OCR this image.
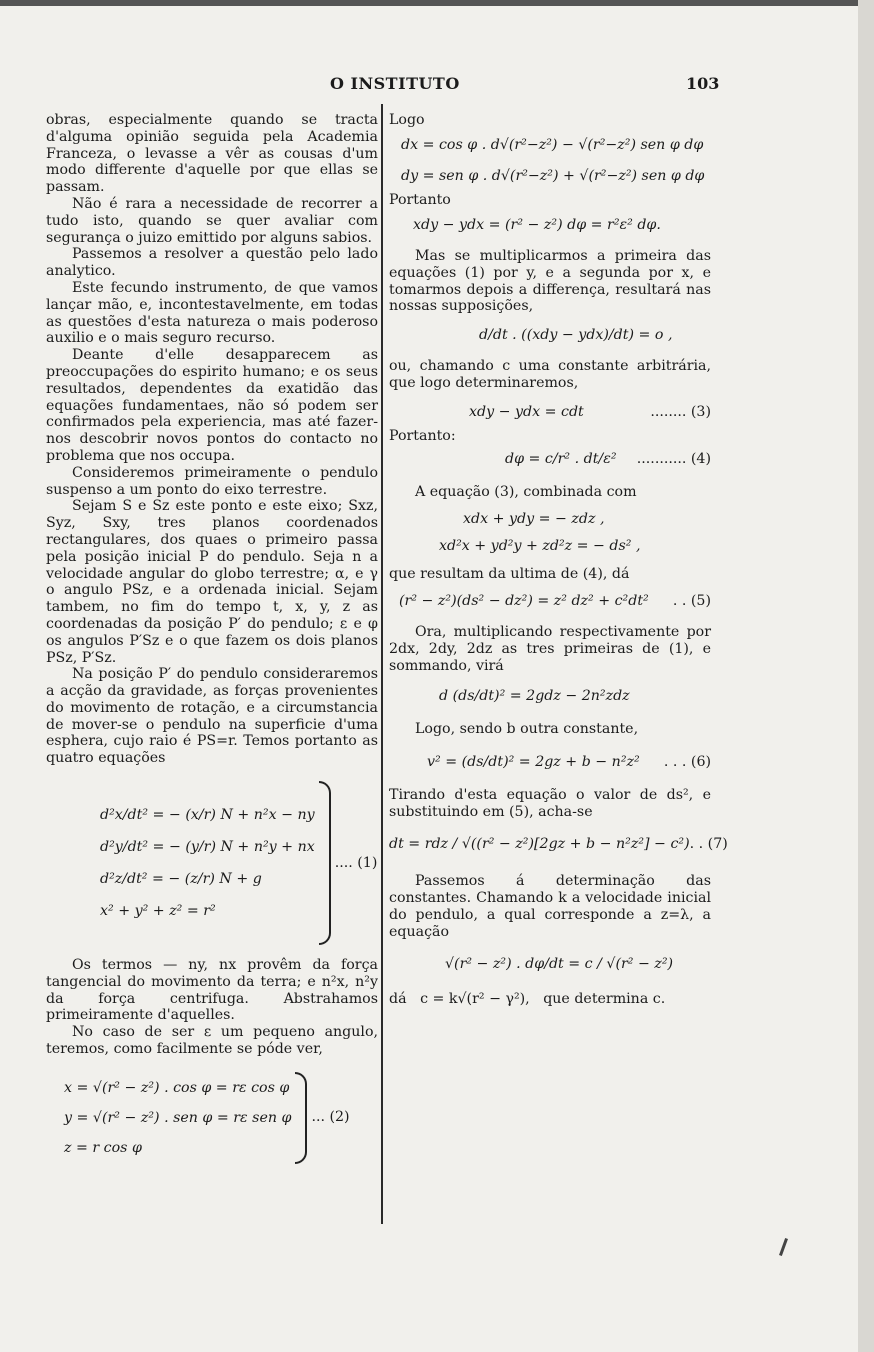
O INSTITUTO	103

obras, especialmente quando se tracta d'alguma opinião seguida pela Academia Franceza, o levasse a vêr as cousas d'um modo differente d'aquelle por que ellas se passam.

Não é rara a necessidade de recorrer a tudo isto, quando se quer avaliar com segurança o juizo emittido por alguns sabios.

Passemos a resolver a questão pelo lado analytico.

Este fecundo instrumento, de que vamos lançar mão, e, incontestavelmente, em todas as questões d'esta natureza o mais poderoso auxilio e o mais seguro recurso.

Deante d'elle desapparecem as preoccupações do espirito humano; e os seus resultados, dependentes da exatidão das equações fundamentaes, não só podem ser confirmados pela experiencia, mas até fazer-nos descobrir novos pontos do contacto no problema que nos occupa.

Consideremos primeiramente o pendulo suspenso a um ponto do eixo terrestre.

Sejam S e Sz este ponto e este eixo; Sxz, Syz, Sxy, tres planos coordenados rectangulares, dos quaes o primeiro passa pela posição inicial P do pendulo. Seja n a velocidade angular do globo terrestre; α, e γ o angulo PSz, e a ordenada inicial. Sejam tambem, no fim do tempo t, x, y, z as coordenadas da posição P′ do pendulo; ε e φ os angulos P′Sz e o que fazem os dois planos PSz, P′Sz.

Na posição P′ do pendulo consideraremos a acção da gravidade, as forças provenientes do movimento de rotação, e a circumstancia de mover-se o pendulo na superficie d'uma esphera, cujo raio é PS=r. Temos portanto as quatro equações

d²x/dt² = − (x/r) N + n²x − ny
d²y/dt² = − (y/r) N + n²y + nx
d²z/dt² = − (z/r) N + g
x² + y² + z² = r²
.... (1)

Os termos — ny, nx provêm da força tangencial do movimento da terra; e n²x, n²y da força centrifuga. Abstrahamos primeiramente d'aquelles.

No caso de ser ε um pequeno angulo, teremos, como facilmente se póde ver,

x = √(r² − z²) . cos φ = rε cos φ
y = √(r² − z²) . sen φ = rε sen φ
z = r cos φ
... (2)

Logo

dx = cos φ . d√(r²−z²) − √(r²−z²) sen φ dφ
dy = sen φ . d√(r²−z²) + √(r²−z²) sen φ dφ

Portanto

xdy − ydx = (r² − z²) dφ = r²ε² dφ.

Mas se multiplicarmos a primeira das equações (1) por y, e a segunda por x, e tomarmos depois a differença, resultará nas nossas supposições,

d/dt . ((xdy − ydx)/dt) = o ,

ou, chamando c uma constante arbitrária, que logo determinaremos,

xdy − ydx = cdt	........ (3)

Portanto:

dφ = c/r² . dt/ε² ........... (4)

A equação (3), combinada com

xdx + ydy = − zdz ,
xd²x + yd²y + zd²z = − ds² ,

que resultam da ultima de (4), dá

(r² − z²)(ds² − dz²) = z² dz² + c²dt² . . (5)

Ora, multiplicando respectivamente por 2dx, 2dy, 2dz as tres primeiras de (1), e sommando, virá

d (ds/dt)² = 2gdz − 2n²zdz

Logo, sendo b outra constante,

v² = (ds/dt)² = 2gz + b − n²z² . . . (6)

Tirando d'esta equação o valor de ds², e substituindo em (5), acha-se

dt = rdz / √((r² − z²)[2gz + b − n²z²] − c²) . . (7)

Passemos á determinação das constantes. Chamando k a velocidade inicial do pendulo, a qual corresponde a z=λ, a equação

√(r² − z²) . dφ/dt = c / √(r² − z²)

dá   c = k√(r² − γ²),   que determina c.
